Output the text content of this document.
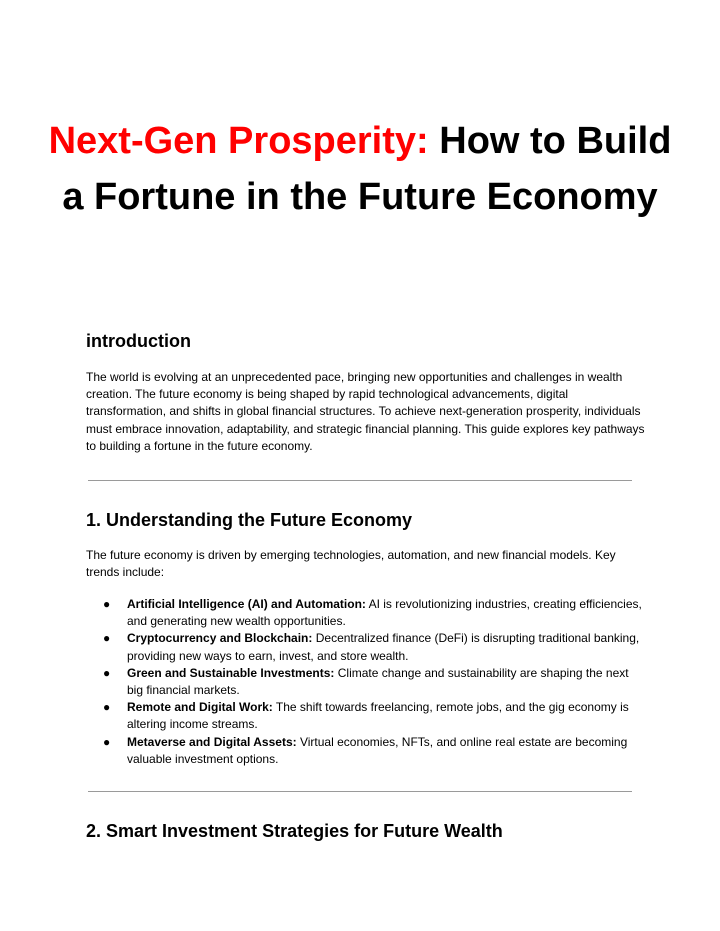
Next-Gen Prosperity: How to Build a Fortune in the Future Economy
introduction

The world is evolving at an unprecedented pace, bringing new opportunities and challenges in wealth creation. The future economy is being shaped by rapid technological advancements, digital transformation, and shifts in global financial structures. To achieve next-generation prosperity, individuals must embrace innovation, adaptability, and strategic financial planning. This guide explores key pathways to building a fortune in the future economy.

1. Understanding the Future Economy

The future economy is driven by emerging technologies, automation, and new financial models. Key trends include:

● Artificial Intelligence (AI) and Automation: AI is revolutionizing industries, creating efficiencies, and generating new wealth opportunities.
● Cryptocurrency and Blockchain: Decentralized finance (DeFi) is disrupting traditional banking, providing new ways to earn, invest, and store wealth.
● Green and Sustainable Investments: Climate change and sustainability are shaping the next big financial markets.
● Remote and Digital Work: The shift towards freelancing, remote jobs, and the gig economy is altering income streams.
● Metaverse and Digital Assets: Virtual economies, NFTs, and online real estate are becoming valuable investment options.
2. Smart Investment Strategies for Future Wealth
